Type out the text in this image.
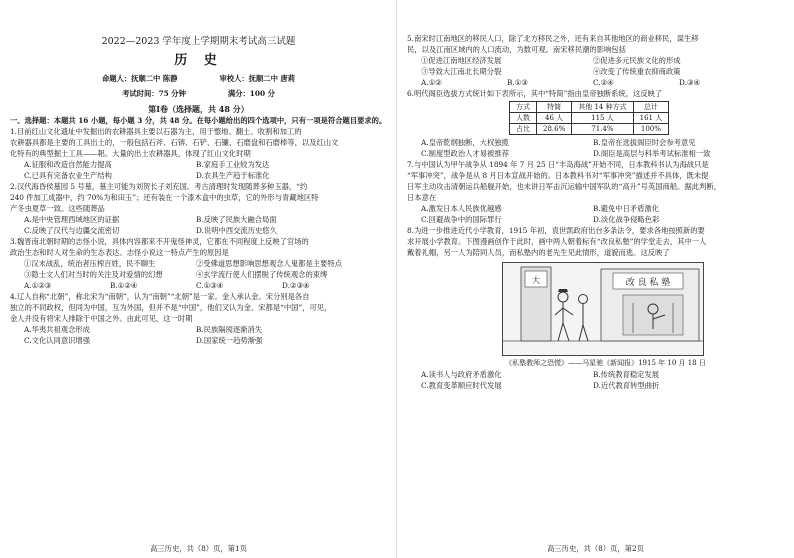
2022—2023 学年度上学期期末考试高三试题
历 史
命题人：抚顺二中 陈静	审校人：抚顺二中 唐莉
考试时间：75 分钟	满分：100 分
第Ⅰ卷（选择题，共 48 分）
一、选择题：本题共 16 小题，每小题 3 分，共 48 分。在每小题给出的四个选项中，只有一项是符合题目要求的。
1.目前红山文化遗址中发掘出的农耕器具主要以石器为主，用于整地、翻土、收割和加工的
农耕器具都是主要的工具出土的，一般包括石斧、石锛、石铲、石镰、石磨盘和石磨棒等，以及红山文
化特有的典型掘土工具——耜。大量的出土农耕器具，体现了红山文化时期
A.征服和改造自然能力提高	B.家庭手工业较为发达
C.已具有完备农业生产结构	D.农具生产趋于标准化
2.汉代海昏侯墓园 5 号墓，墓主可能为刘贺长子刘充国。考古清理时发现随葬多种玉器，“约
240 件加工成器中，约 70%为和田玉”；还有装在一个漆木盒中的虫草，它的外形与青藏地区特
产冬虫夏草一致。这些随葬品
A.是中央管理西域地区的证据	B.反映了民族大融合局面
C.反映了汉代与边疆交流密切	D.说明中西交流历史悠久
3.魏晋南北朝时期的志怪小说，具体内容都来不开鬼怪神灵，它都在不同程度上反映了官场的
政治生态和时人对生命的生态表达。志怪小说这一特点产生的原因是
①汉末战乱，统治者压榨百姓，民不聊生	②受佛道思想影响思想观念人鬼都是主要特点
③隐士文人们对当时的关注及对爱情的幻想	④玄学流行使人们摆脱了传统观念的束缚
A.①②③	B.①②④	C.①③④	D.②③④
4.辽人自称“北朝”，称北宋为“南朝”，认为“南朝”“北朝”是一家。金人承认金、宋分别是各自
独立的不同政权，但同为中国，互为外国，但并不是“中国”，他们又认为金、宋都是“中国”，可见，
金人并没有将宋人排除于中国之外。由此可见，这一时期
A.华夷共祖观念形成	B.民族隔阂逐渐消失
C.文化认同意识增强	D.国家统一趋势渐强
高三历史，共（8）页，第1页
5.南宋时江南地区的移民人口，除了北方移民之外，还有来自其他地区的商业移民，谋生移
民，以及江南区域内的人口流动，为数可观。南宋移民潮的影响包括
①促进江南地区经济发展	②促进多元民族文化的形成
③导致大江南北长期分裂	④改变了传统重农抑商政策
A.①②	B.①③	C.②④	D.③④
6.明代阁臣选拔方式统计如下表所示，其中“特简”指由皇帝独断系统，这反映了
方式	特简	其他 14 种方式	总计
人数	46 人	115 人	161 人
占比	28.6%	71.4%	100%
A.皇帝乾纲独断，大权独揽	B.皇帝在选拔阁臣时会参考意见
C.制度型政治人才易被推荐	D.阁臣是高层与科举考试标准相一致
7.与中国认为甲午战争从 1894 年 7 月 25 日“丰岛海战”开始不同，日本教科书认为海战只是
“军事冲突”，战争是从 8 月日本宣战开始的。日本教科书对“军事冲突”描述并不具体，既未提
日军主动攻击清朝运兵船舰开始，也未讲日军击沉运输中国军队的“高升”号英国商船。据此判断，
日本意在
A.激发日本人民族优越感	B.避免中日矛盾激化
C.回避战争中的国际罪行	D.淡化战争侵略色彩
8.为进一步推进近代小学教育，1915 年初，袁世凯政府出台多条法令，要求各地按照新的要
求开展小学教育。下图漫画创作于此时，画中两人朝着标有“改良私塾”的学堂走去，其中一人
戴着礼帽，另一人为陪同人员，而私塾内的老先生见此情形，道貌而逃。这反映了
大	改 良 私 塾
《私塾教师之恐慌》——马星驰《新闻报》1915 年 10 月 18 日
A.读书人与政府矛盾激化	B.传统教育稳定发展
C.教育变革顺应时代发展	D.近代教育转型曲折
高三历史，共（8）页，第2页
